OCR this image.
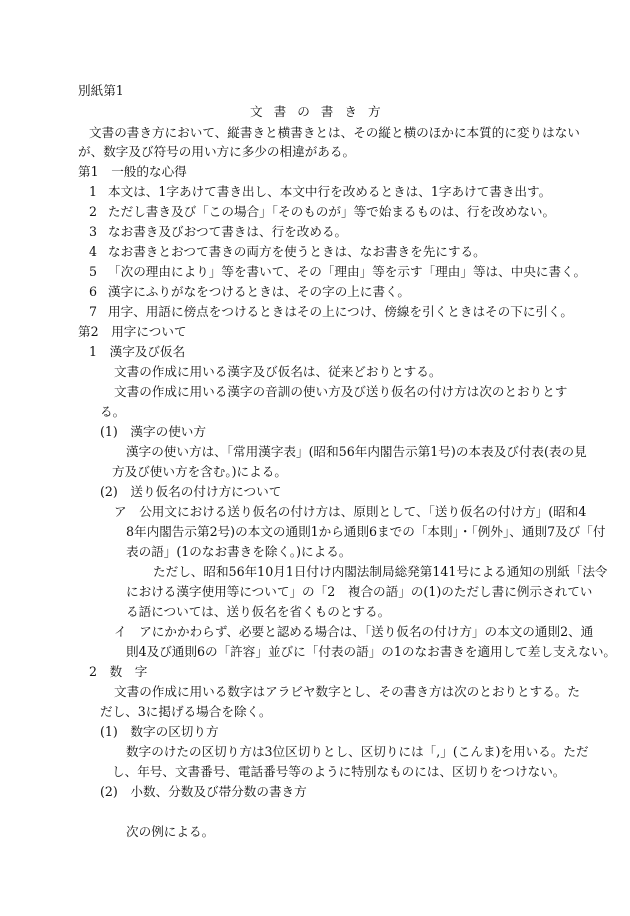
別紙第1
文書の書き方
文書の書き方において、縦書きと横書きとは、その縦と横のほかに本質的に変りはない
が、数字及び符号の用い方に多少の相違がある。
第1　一般的な心得
1 本文は、1字あけて書き出し、本文中行を改めるときは、1字あけて書き出す。
2 ただし書き及び「この場合」「そのものが」等で始まるものは、行を改めない。
3 なお書き及びおつて書きは、行を改める。
4 なお書きとおつて書きの両方を使うときは、なお書きを先にする。
5 「次の理由により」等を書いて、その「理由」等を示す「理由」等は、中央に書く。
6 漢字にふりがなをつけるときは、その字の上に書く。
7 用字、用語に傍点をつけるときはその上につけ、傍線を引くときはその下に引く。
第2　用字について
1　漢字及び仮名
文書の作成に用いる漢字及び仮名は、従来どおりとする。
文書の作成に用いる漢字の音訓の使い方及び送り仮名の付け方は次のとおりとす
る。
(1)　漢字の使い方
漢字の使い方は、「常用漢字表」(昭和56年内閣告示第1号)の本表及び付表(表の見
方及び使い方を含む。)による。
(2)　送り仮名の付け方について
ア　公用文における送り仮名の付け方は、原則として、「送り仮名の付け方」(昭和4
8年内閣告示第2号)の本文の通則1から通則6までの「本則」・「例外」、通則7及び「付
表の語」(1のなお書きを除く。)による。
ただし、昭和56年10月1日付け内閣法制局総発第141号による通知の別紙「法令
における漢字使用等について」の「2　複合の語」の(1)のただし書に例示されてい
る語については、送り仮名を省くものとする。
イ　アにかかわらず、必要と認める場合は、「送り仮名の付け方」の本文の通則2、通
則4及び通則6の「許容」並びに「付表の語」の1のなお書きを適用して差し支えない。
2　数　字
文書の作成に用いる数字はアラビヤ数字とし、その書き方は次のとおりとする。た
だし、3に掲げる場合を除く。
(1)　数字の区切り方
数字のけたの区切り方は3位区切りとし、区切りには「,」(こんま)を用いる。ただ
し、年号、文書番号、電話番号等のように特別なものには、区切りをつけない。
(2)　小数、分数及び帯分数の書き方
次の例による。
